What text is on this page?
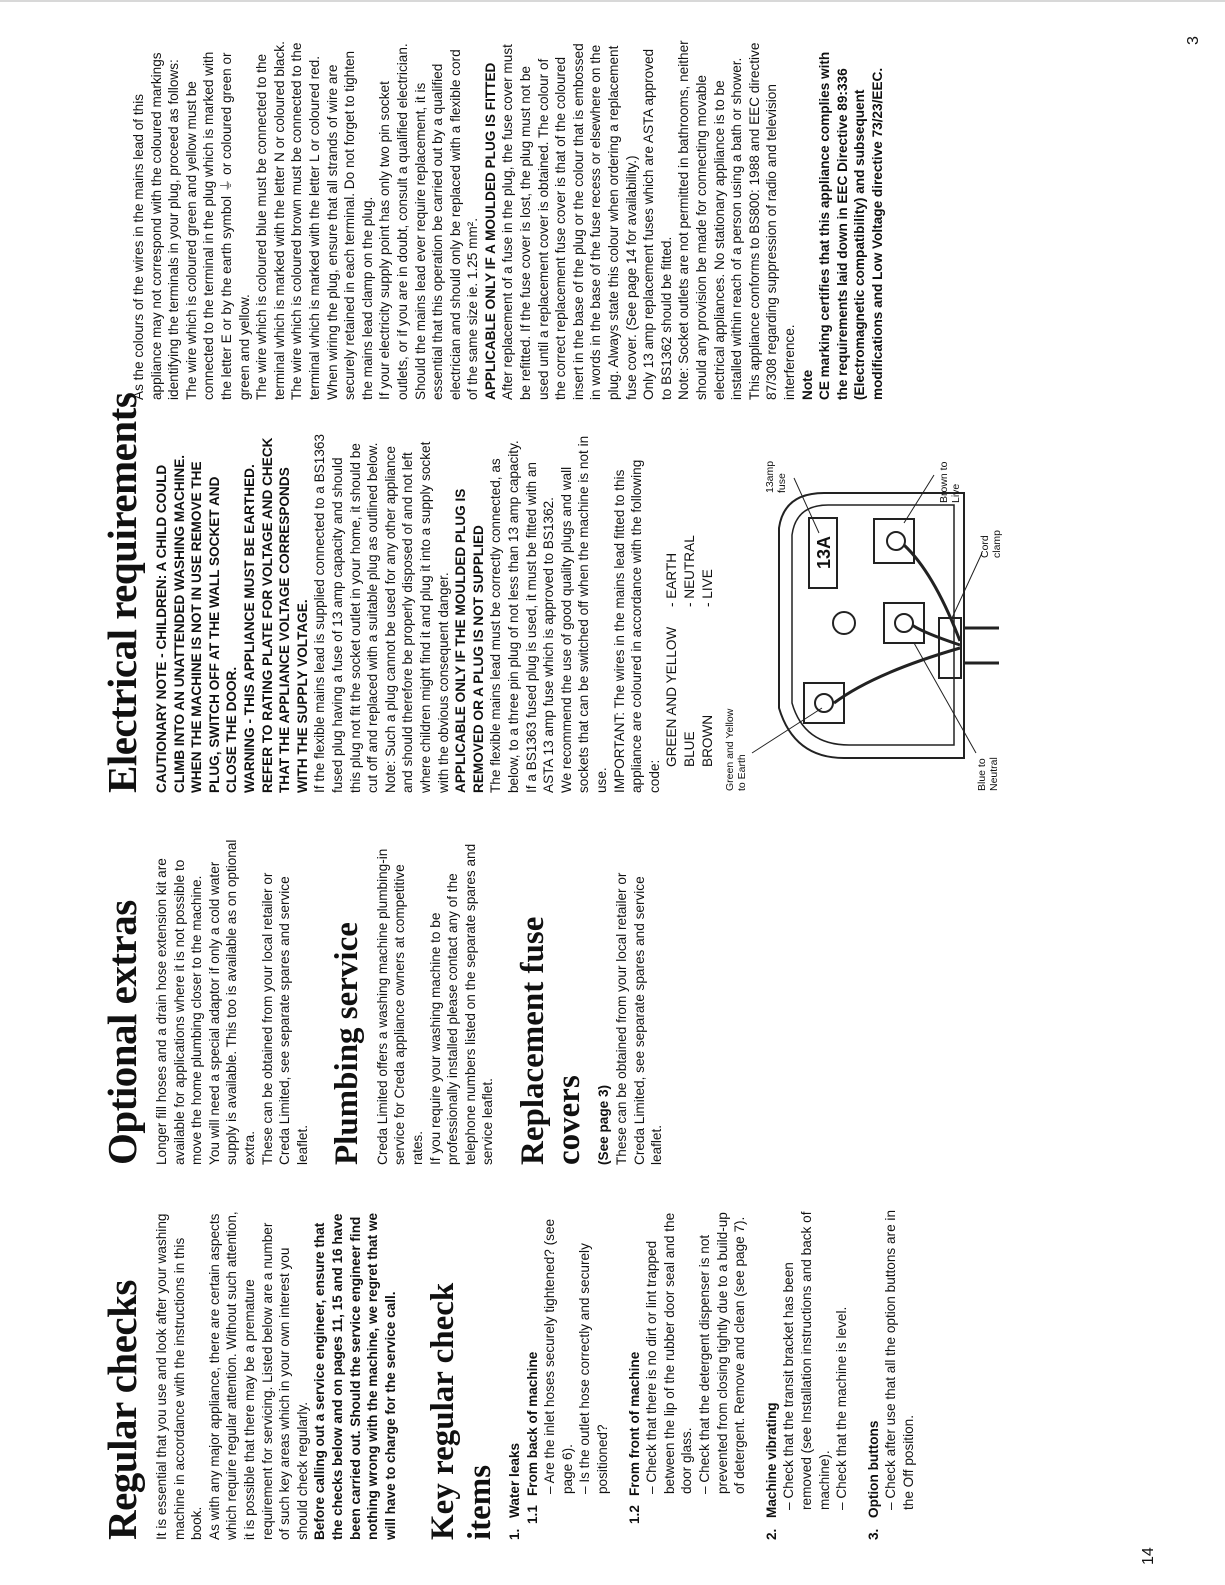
Regular checks It is essential that you use and look after your washing machine in accordance with the instructions in this book. As with any major appliance, there are certain aspects which require regular attention. Without such attention, it is possible that there may be a premature requirement for servicing. Listed below are a number of such key areas which in your own interest you should check regularly. Before calling out a service engineer, ensure that the checks below and on pages 11, 15 and 16 have been carried out. Should the service engineer find nothing wrong with the machine, we regret that we will have to charge for the service call. Key regular check items 1.Water leaks 1.1From back of machine – Are the inlet hoses securely tightened? (see page 6). – Is the outlet hose correctly and securely positioned?

1.2From front of machine – Check that there is no dirt or lint trapped between the lip of the rubber door seal and the door glass. – Check that the detergent dispenser is not prevented from closing tightly due to a build-up of detergent. Remove and clean (see page 7).

2.Machine vibrating – Check that the transit bracket has been removed (see Installation instructions and back of machine). – Check that the machine is level.

3.Option buttons – Check after use that all the option buttons are in the Off position.

Optional extras Longer fill hoses and a drain hose extension kit are available for applications where it is not possible to move the home plumbing closer to the machine. You will need a special adaptor if only a cold water supply is available. This too is available as on optional extra. These can be obtained from your local retailer or Creda Limited, see separate spares and service leaflet. Plumbing service Creda Limited offers a washing machine plumbing-in service for Creda appliance owners at competitive rates. If you require your washing machine to be professionally installed please contact any of the telephone numbers listed on the separate spares and service leaflet. Replacement fuse covers (See page 3) These can be obtained from your local retailer or Creda Limited, see separate spares and service leaflet.

Electrical requirements CAUTIONARY NOTE - CHILDREN: A CHILD COULD CLIMB INTO AN UNATTENDED WASHING MACHINE. WHEN THE MACHINE IS NOT IN USE REMOVE THE PLUG, SWITCH OFF AT THE WALL SOCKET AND CLOSE THE DOOR. WARNING - THIS APPLIANCE MUST BE EARTHED. REFER TO RATING PLATE FOR VOLTAGE AND CHECK THAT THE APPLIANCE VOLTAGE CORRESPONDS WITH THE SUPPLY VOLTAGE. If the flexible mains lead is supplied connected to a BS1363 fused plug having a fuse of 13 amp capacity and should this plug not fit the socket outlet in your home, it should be cut off and replaced with a suitable plug as outlined below. Note: Such a plug cannot be used for any other appliance and should therefore be properly disposed of and not left where children might find it and plug it into a supply socket with the obvious consequent danger. APPLICABLE ONLY IF THE MOULDED PLUG IS REMOVED OR A PLUG IS NOT SUPPLIED The flexible mains lead must be correctly connected, as below, to a three pin plug of not less than 13 amp capacity. If a BS1363 fused plug is used, it must be fitted with an ASTA 13 amp fuse which is approved to BS1362. We recommend the use of good quality plugs and wall sockets that can be switched off when the machine is not in use. IMPORTANT: The wires in the mains lead fitted to this appliance are coloured in accordance with the following code:

GREEN AND YELLOW
- EARTH
BLUE
- NEUTRAL
BROWN
- LIVE
13A
Green and Yellow to Earth	Blue to Neutral
13amp fuse	Brown to Live
Cord clamp

As the colours of the wires in the mains lead of this appliance may not correspond with the coloured markings identifying the terminals in your plug, proceed as follows: The wire which is coloured green and yellow must be connected to the terminal in the plug which is marked with the letter E or by the earth symbol ⏚ or coloured green or green and yellow. The wire which is coloured blue must be connected to the terminal which is marked with the letter N or coloured black. The wire which is coloured brown must be connected to the terminal which is marked with the letter L or coloured red. When wiring the plug, ensure that all strands of wire are securely retained in each terminal. Do not forget to tighten the mains lead clamp on the plug. If your electricity supply point has only two pin socket outlets, or if you are in doubt, consult a qualified electrician. Should the mains lead ever require replacement, it is essential that this operation be carried out by a qualified electrician and should only be replaced with a flexible cord of the same size ie. 1.25 mm². APPLICABLE ONLY IF A MOULDED PLUG IS FITTED After replacement of a fuse in the plug, the fuse cover must be refitted. If the fuse cover is lost, the plug must not be used until a replacement cover is obtained. The colour of the correct replacement fuse cover is that of the coloured insert in the base of the plug or the colour that is embossed in words in the base of the fuse recess or elsewhere on the plug. Always state this colour when ordering a replacement fuse cover. (See page 14 for availability.) Only 13 amp replacement fuses which are ASTA approved to BS1362 should be fitted. Note: Socket outlets are not permitted in bathrooms, neither should any provision be made for connecting movable electrical appliances. No stationary appliance is to be installed within reach of a person using a bath or shower. This appliance conforms to BS800: 1988 and EEC directive 87/308 regarding suppression of radio and television interference. Note CE marking certifies that this appliance complies with the requirements laid down in EEC Directive 89:336 (Electromagnetic compatibility) and subsequent modifications and Low Voltage directive 73/23/EEC.

14
3
